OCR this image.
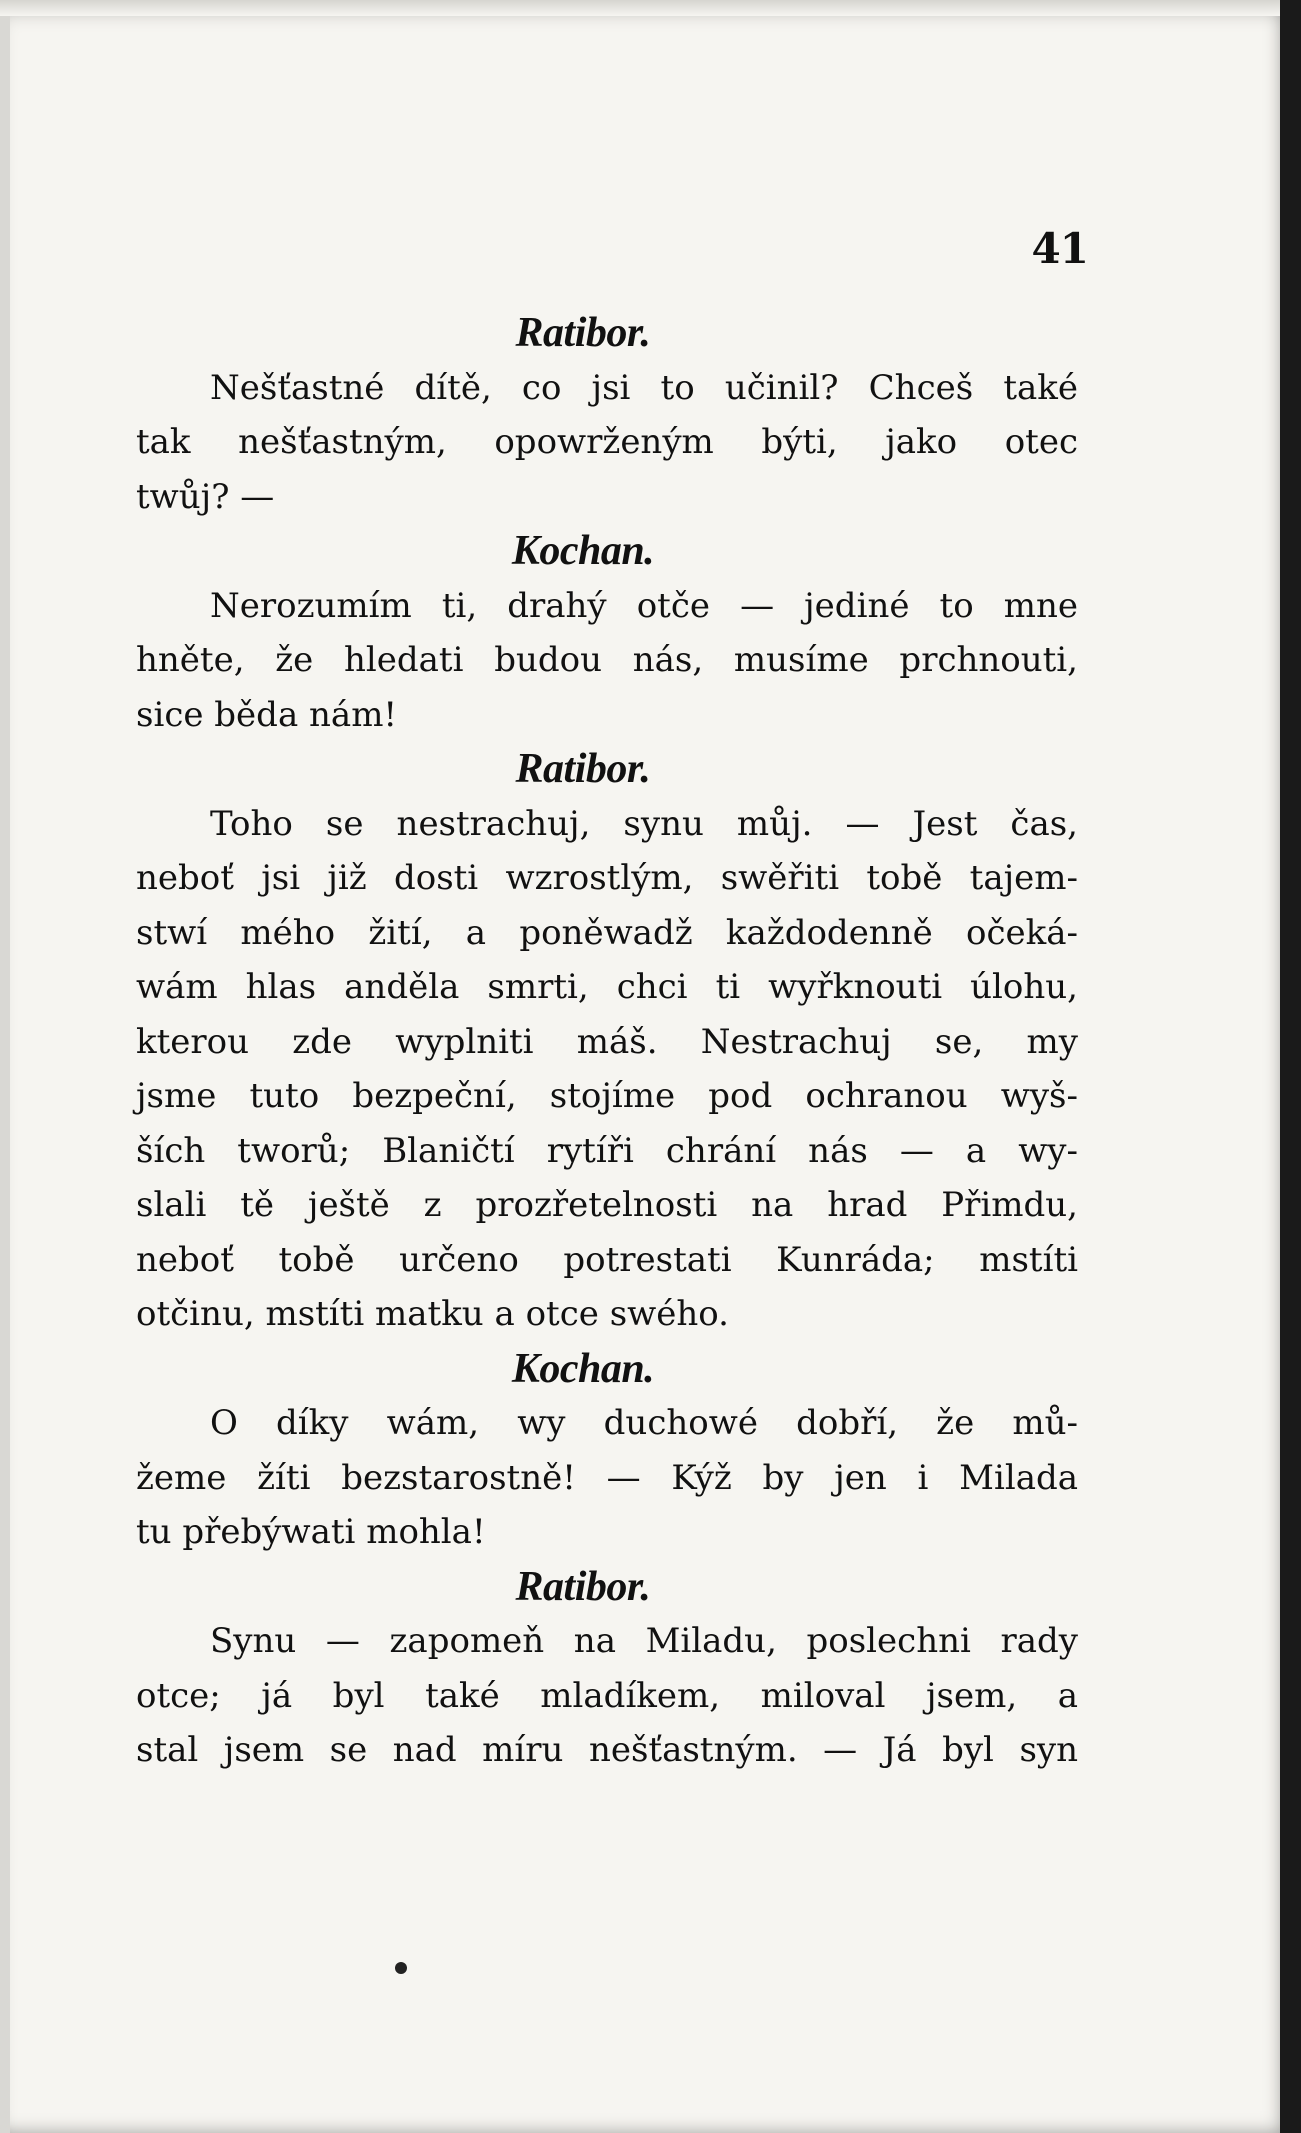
41
Ratibor.
Nešťastné dítě, co jsi to učinil? Chceš také
tak nešťastným, opowrženým býti, jako otec
twůj? —
Kochan.
Nerozumím ti, drahý otče — jediné to mne
hněte, že hledati budou nás, musíme prchnouti,
sice běda nám!
Ratibor.
Toho se nestrachuj, synu můj. — Jest čas,
neboť jsi již dosti wzrostlým, swěřiti tobě tajem-
stwí mého žití, a poněwadž každodenně očeká-
wám hlas anděla smrti, chci ti wyřknouti úlohu,
kterou zde wyplniti máš. Nestrachuj se, my
jsme tuto bezpeční, stojíme pod ochranou wyš-
ších tworů; Blaničtí rytíři chrání nás — a wy-
slali tě ještě z prozřetelnosti na hrad Přimdu,
neboť tobě určeno potrestati Kunráda; mstíti
otčinu, mstíti matku a otce swého.
Kochan.
O díky wám, wy duchowé dobří, že mů-
žeme žíti bezstarostně! — Kýž by jen i Milada
tu přebýwati mohla!
Ratibor.
Synu — zapomeň na Miladu, poslechni rady
otce; já byl také mladíkem, miloval jsem, a
stal jsem se nad míru nešťastným. — Já byl syn
